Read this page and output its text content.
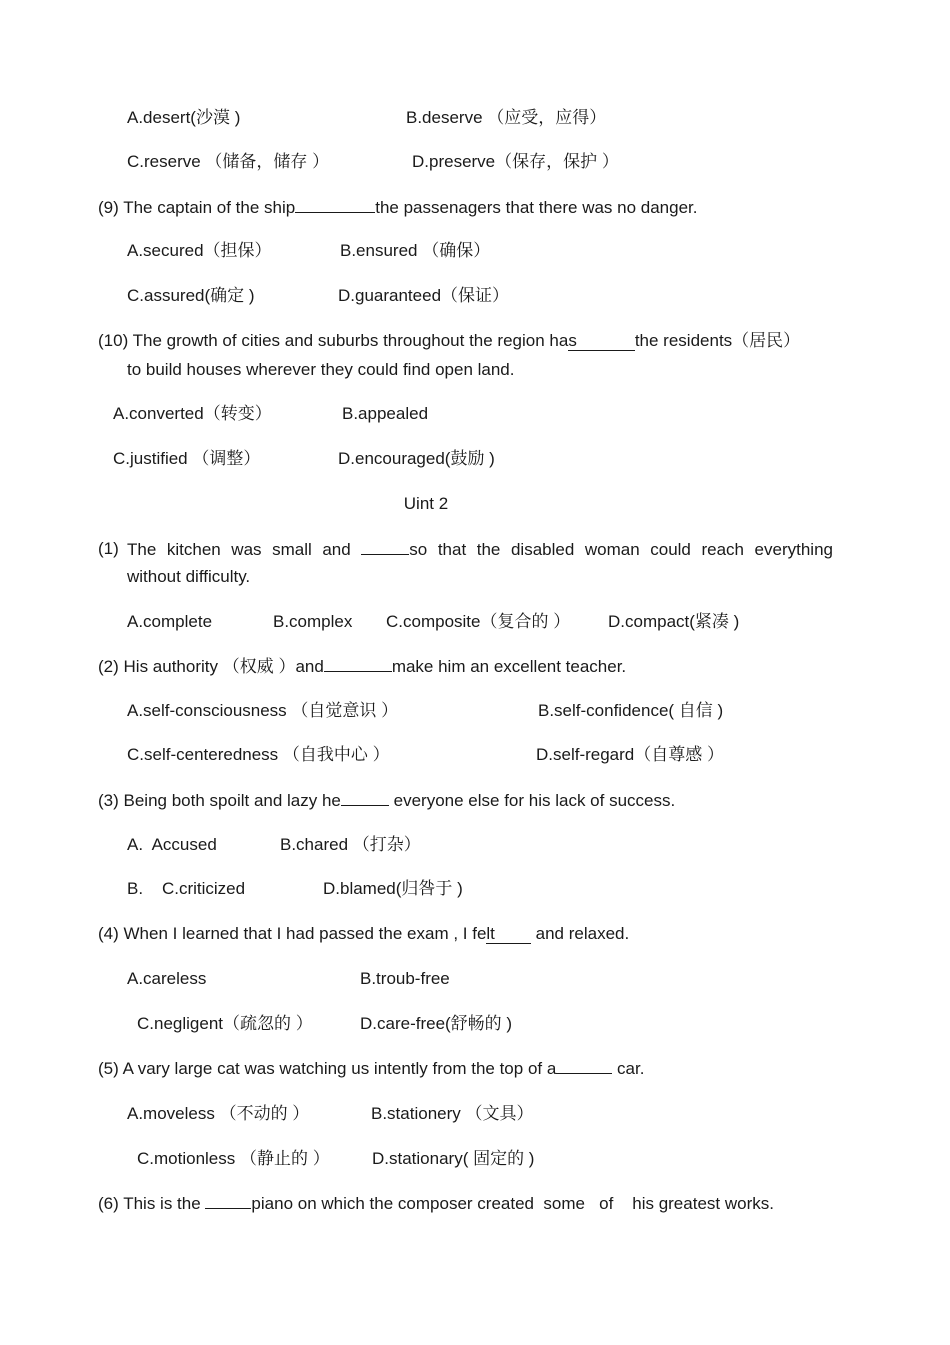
A.desert(沙漠 )	B.deserve （应受，应得）
C.reserve （储备，储存 ）	D.preserve（保存，保护 ）
(9) The captain of the ship	the passenagers that there was no danger.
A.secured（担保）	B.ensured （确保）
C.assured(确定 )	D.guaranteed（保证）
(10) The growth of cities and suburbs throughout the region has	the residents（居民）
to build houses wherever they could find open land.
A.converted（转变）	B.appealed
C.justified （调整）	D.encouraged(鼓励 )
Uint 2
(1) The kitchen was small and	so that the disabled woman could reach everything
without difficulty.
A.complete	B.complex C.composite（复合的 ） D.compact(紧凑 )
(2) His authority （权威 ）and	make him an excellent teacher.
A.self-consciousness （自觉意识 ）	B.self-confidence( 自信 )
C.self-centeredness （自我中心 ）	D.self-regard（自尊感 ）
(3) Being both spoilt and lazy he	everyone else for his lack of success.
A.  Accused	B.chared （打杂）
B.    C.criticized	D.blamed(归咎于 )
(4) When I learned that I had passed the exam , I felt and relaxed.
A.careless	B.troub-free
C.negligent（疏忽的 ）	D.care-free(舒畅的 )
(5) A vary large cat was watching us intently from the top of a	car.
A.moveless （不动的 ）	B.stationery （文具）
C.motionless （静止的 ） D.stationary( 固定的 )
(6) This is the	piano on which the composer created  some   of    his greatest works.
